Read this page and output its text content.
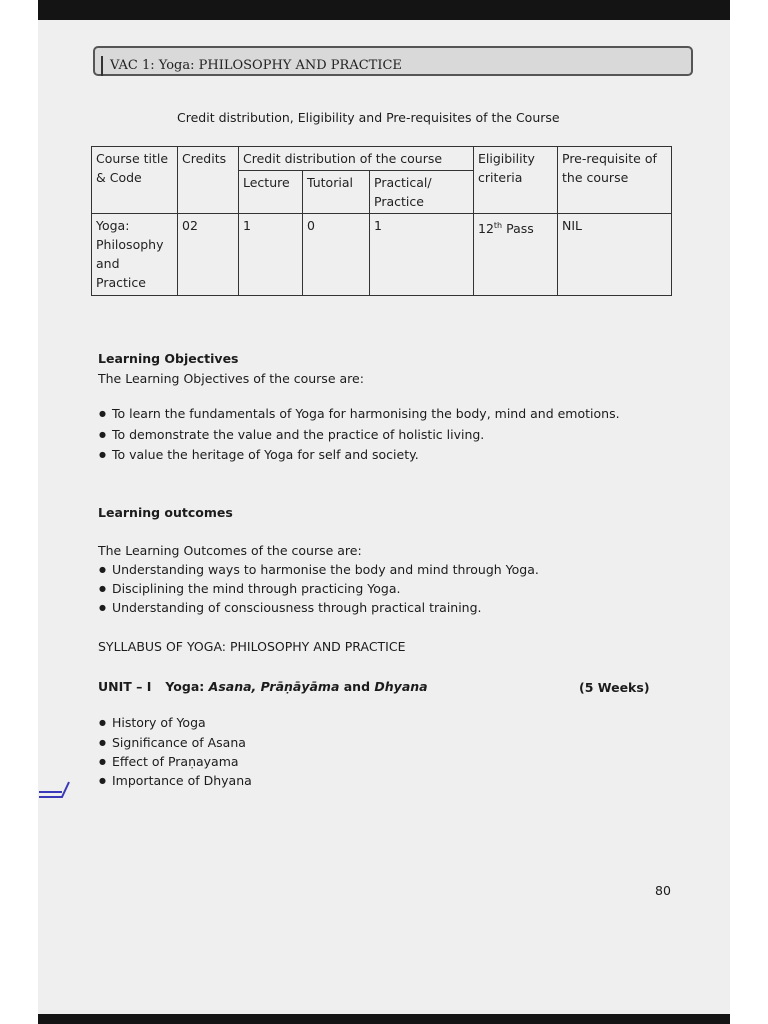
VAC 1: Yoga: PHILOSOPHY AND PRACTICE
Credit distribution, Eligibility and Pre-requisites of the Course
Course title & Code	Credits	Credit distribution of the course			Eligibility criteria	Pre-requisite of the course
		Lecture	Tutorial	Practical/ Practice		
Yoga: Philosophy and Practice	02	1	0	1	12th Pass	NIL
Learning Objectives
The Learning Objectives of the course are:
● To learn the fundamentals of Yoga for harmonising the body, mind and emotions.
● To demonstrate the value and the practice of holistic living.
● To value the heritage of Yoga for self and society.
Learning outcomes
The Learning Outcomes of the course are:
● Understanding ways to harmonise the body and mind through Yoga.
● Disciplining the mind through practicing Yoga.
● Understanding of consciousness through practical training.
SYLLABUS OF YOGA: PHILOSOPHY AND PRACTICE
UNIT – I Yoga: Asana, Prāṇāyāma and Dhyana	(5 Weeks)
● History of Yoga
● Significance of Asana
● Effect of Praṇayama
● Importance of Dhyana
80
